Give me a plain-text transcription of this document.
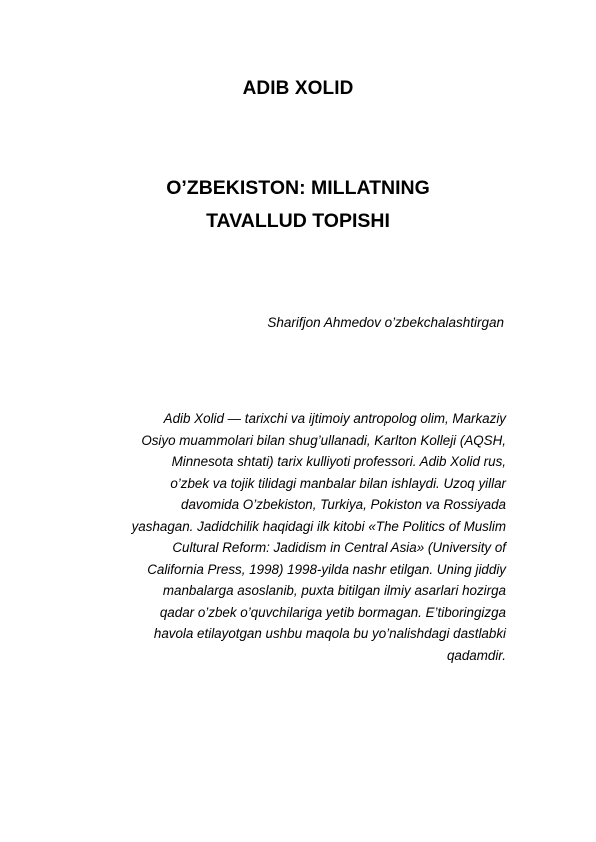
ADIB XOLID
O’ZBEKISTON: MILLATNING
TAVALLUD TOPISHI
Sharifjon Ahmedov o’zbekchalashtirgan
Adib Xolid — tarixchi va ijtimoiy antropolog olim, Markaziy
Osiyo muammolari bilan shug’ullanadi, Karlton Kolleji (AQSH,
Minnesota shtati) tarix kulliyoti professori. Adib Xolid rus,
o’zbek va tojik tilidagi manbalar bilan ishlaydi. Uzoq yillar
davomida O’zbekiston, Turkiya, Pokiston va Rossiyada
yashagan. Jadidchilik haqidagi ilk kitobi «The Politics of Muslim
Cultural Reform: Jadidism in Central Asia» (University of
California Press, 1998) 1998-yilda nashr etilgan. Uning jiddiy
manbalarga asoslanib, puxta bitilgan ilmiy asarlari hozirga
qadar o’zbek o’quvchilariga yetib bormagan. E’tiboringizga
havola etilayotgan ushbu maqola bu yo’nalishdagi dastlabki
qadamdir.
